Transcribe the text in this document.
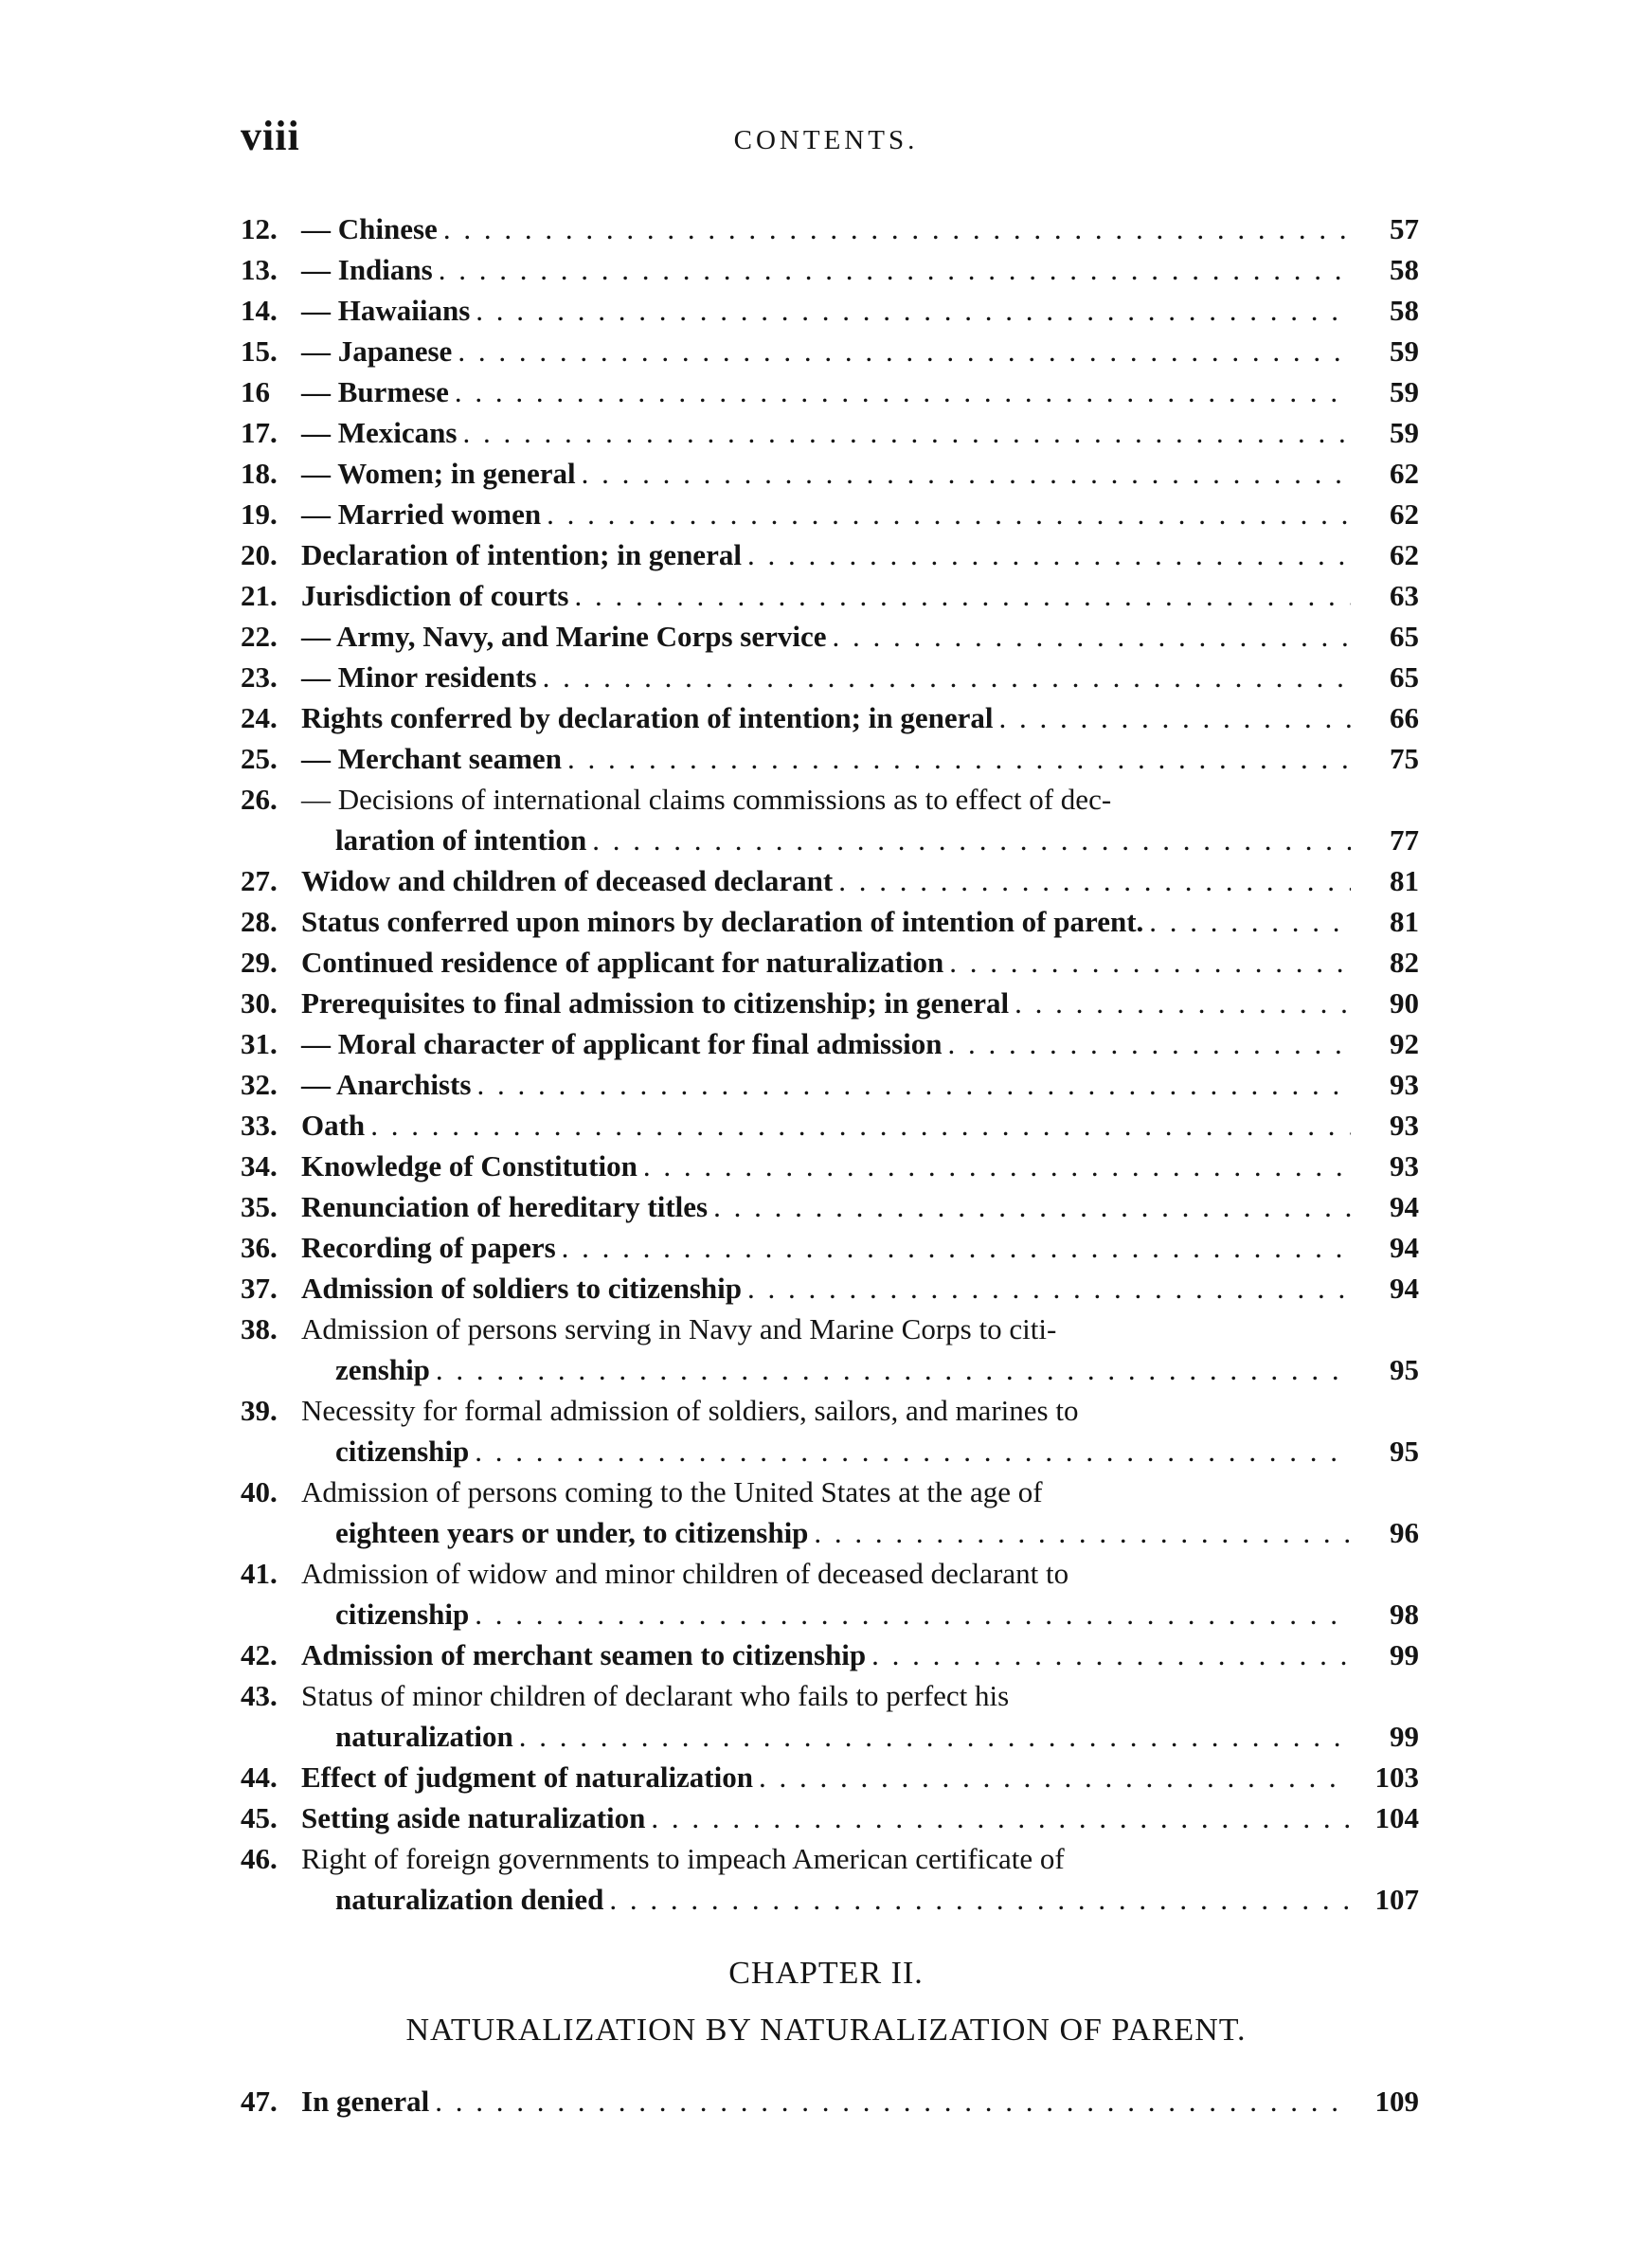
viii	CONTENTS.
12. — Chinese . . .	57
13. — Indians . . .	58
14. — Hawaiians . . .	58
15. — Japanese . . .	59
16 — Burmese . . .	59
17. — Mexicans . . .	59
18. — Women; in general . . .	62
19. — Married women . . .	62
20. Declaration of intention; in general . . .	62
21. Jurisdiction of courts . . .	63
22. — Army, Navy, and Marine Corps service . . .	65
23. — Minor residents . . .	65
24. Rights conferred by declaration of intention; in general . . .	66
25. — Merchant seamen . . .	75
26. — Decisions of international claims commissions as to effect of dec-
laration of intention . . .	77
27. Widow and children of deceased declarant . . .	81
28. Status conferred upon minors by declaration of intention of parent. . . .	81
29. Continued residence of applicant for naturalization . . .	82
30. Prerequisites to final admission to citizenship; in general . . .	90
31. — Moral character of applicant for final admission . . .	92
32. — Anarchists . . .	93
33. Oath . . .	93
34. Knowledge of Constitution . . .	93
35. Renunciation of hereditary titles . . .	94
36. Recording of papers . . .	94
37. Admission of soldiers to citizenship . . .	94
38. Admission of persons serving in Navy and Marine Corps to citi-
zenship . . .	95
39. Necessity for formal admission of soldiers, sailors, and marines to
citizenship . . .	95
40. Admission of persons coming to the United States at the age of
eighteen years or under, to citizenship . . .	96
41. Admission of widow and minor children of deceased declarant to
citizenship . . .	98
42. Admission of merchant seamen to citizenship . . .	99
43. Status of minor children of declarant who fails to perfect his
naturalization . . .	99
44. Effect of judgment of naturalization . . .	103
45. Setting aside naturalization . . .	104
46. Right of foreign governments to impeach American certificate of
naturalization denied . . .	107
CHAPTER II.
NATURALIZATION BY NATURALIZATION OF PARENT.
47. In general . . .	109
